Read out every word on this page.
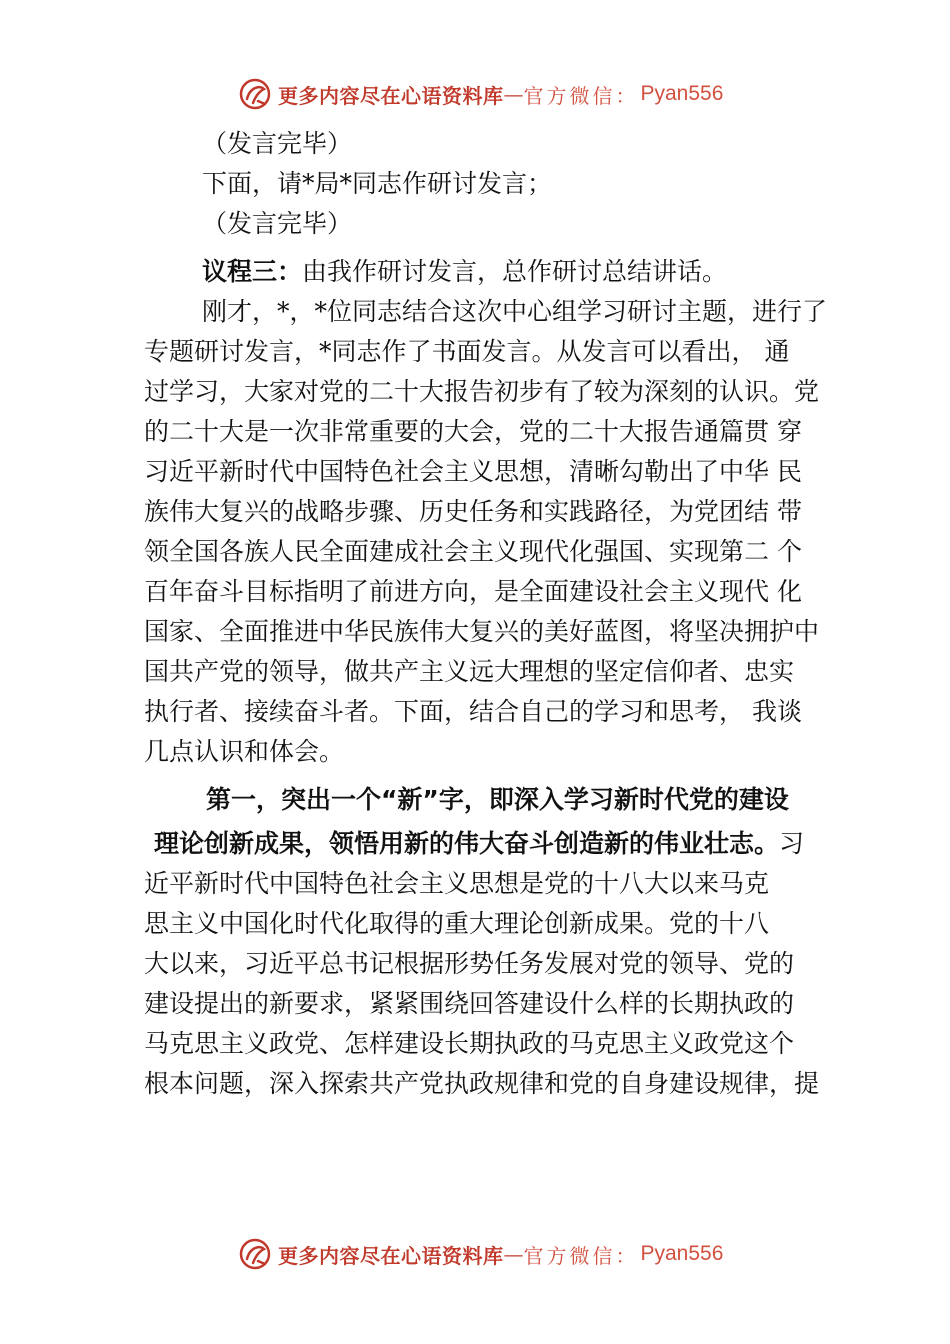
更多内容尽在心语资料库 — 官方微信： Pyan556
（发言完毕）
下面，请*局*同志作研讨发言；
（发言完毕）
议程三：由我作研讨发言，总作研讨总结讲话。
刚才，*，*位同志结合这次中心组学习研讨主题，进行了
专题研讨发言，*同志作了书面发言。从发言可以看出， 通
过学习，大家对党的二十大报告初步有了较为深刻的认识。党
的二十大是一次非常重要的大会，党的二十大报告通篇贯 穿
习近平新时代中国特色社会主义思想，清晰勾勒出了中华 民
族伟大复兴的战略步骤、历史任务和实践路径，为党团结 带
领全国各族人民全面建成社会主义现代化强国、实现第二 个
百年奋斗目标指明了前进方向，是全面建设社会主义现代 化
国家、全面推进中华民族伟大复兴的美好蓝图，将坚决拥护中
国共产党的领导，做共产主义远大理想的坚定信仰者、忠实
执行者、接续奋斗者。下面，结合自己的学习和思考， 我谈
几点认识和体会。
第一，突出一个“新”字，即深入学习新时代党的建设
理论创新成果，领悟用新的伟大奋斗创造新的伟业壮志。习
近平新时代中国特色社会主义思想是党的十八大以来马克
思主义中国化时代化取得的重大理论创新成果。党的十八
大以来，习近平总书记根据形势任务发展对党的领导、党的
建设提出的新要求，紧紧围绕回答建设什么样的长期执政的
马克思主义政党、怎样建设长期执政的马克思主义政党这个
根本问题，深入探索共产党执政规律和党的自身建设规律，提
更多内容尽在心语资料库 — 官方微信： Pyan556
